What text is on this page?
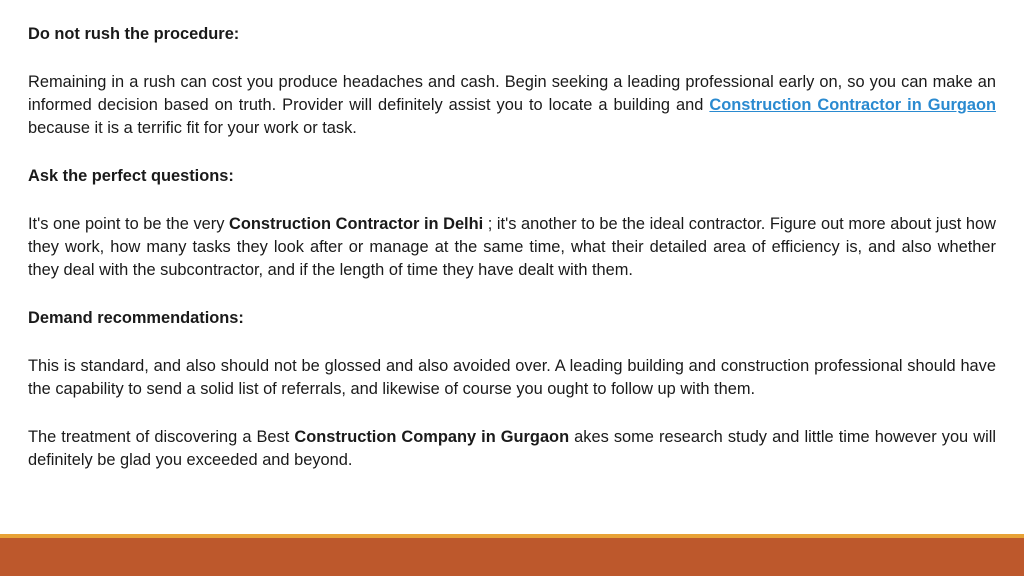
Do not rush the procedure:

Remaining in a rush can cost you produce headaches and cash. Begin seeking a leading professional early on, so you can make an informed decision based on truth. Provider will definitely assist you to locate a building and Construction Contractor in Gurgaon because it is a terrific fit for your work or task.

Ask the perfect questions:

It's one point to be the very Construction Contractor in Delhi ; it's another to be the ideal contractor. Figure out more about just how they work, how many tasks they look after or manage at the same time, what their detailed area of efficiency is, and also whether they deal with the subcontractor, and if the length of time they have dealt with them.

Demand recommendations:

This is standard, and also should not be glossed and also avoided over. A leading building and construction professional should have the capability to send a solid list of referrals, and likewise of course you ought to follow up with them.

The treatment of discovering a Best Construction Company in Gurgaon akes some research study and little time however you will definitely be glad you exceeded and beyond.
